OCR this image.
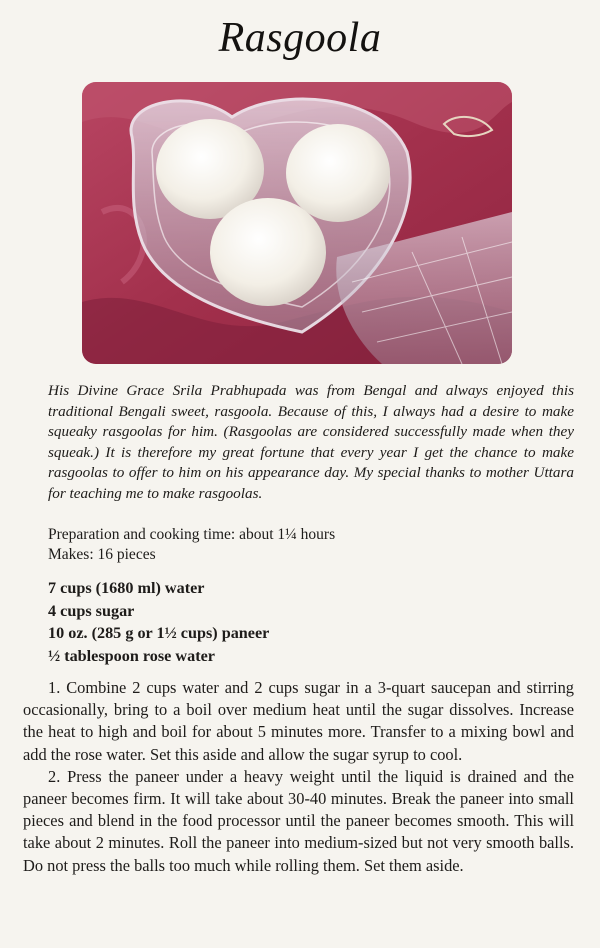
Rasgoola

His Divine Grace Srila Prabhupada was from Bengal and always enjoyed this traditional Bengali sweet, rasgoola. Because of this, I always had a desire to make squeaky rasgoolas for him. (Rasgoolas are considered successfully made when they squeak.) It is therefore my great fortune that every year I get the chance to make rasgoolas to offer to him on his appearance day. My special thanks to mother Uttara for teaching me to make rasgoolas.

Preparation and cooking time: about 1¼ hours
Makes: 16 pieces
7 cups (1680 ml) water
4 cups sugar
10 oz. (285 g or 1½ cups) paneer
½ tablespoon rose water

1. Combine 2 cups water and 2 cups sugar in a 3-quart saucepan and stirring occasionally, bring to a boil over medium heat until the sugar dissolves. Increase the heat to high and boil for about 5 minutes more. Transfer to a mixing bowl and add the rose water. Set this aside and allow the sugar syrup to cool.

2. Press the paneer under a heavy weight until the liquid is drained and the paneer becomes firm. It will take about 30-40 minutes. Break the paneer into small pieces and blend in the food processor until the paneer becomes smooth. This will take about 2 minutes. Roll the paneer into medium-sized but not very smooth balls. Do not press the balls too much while rolling them. Set them aside.
